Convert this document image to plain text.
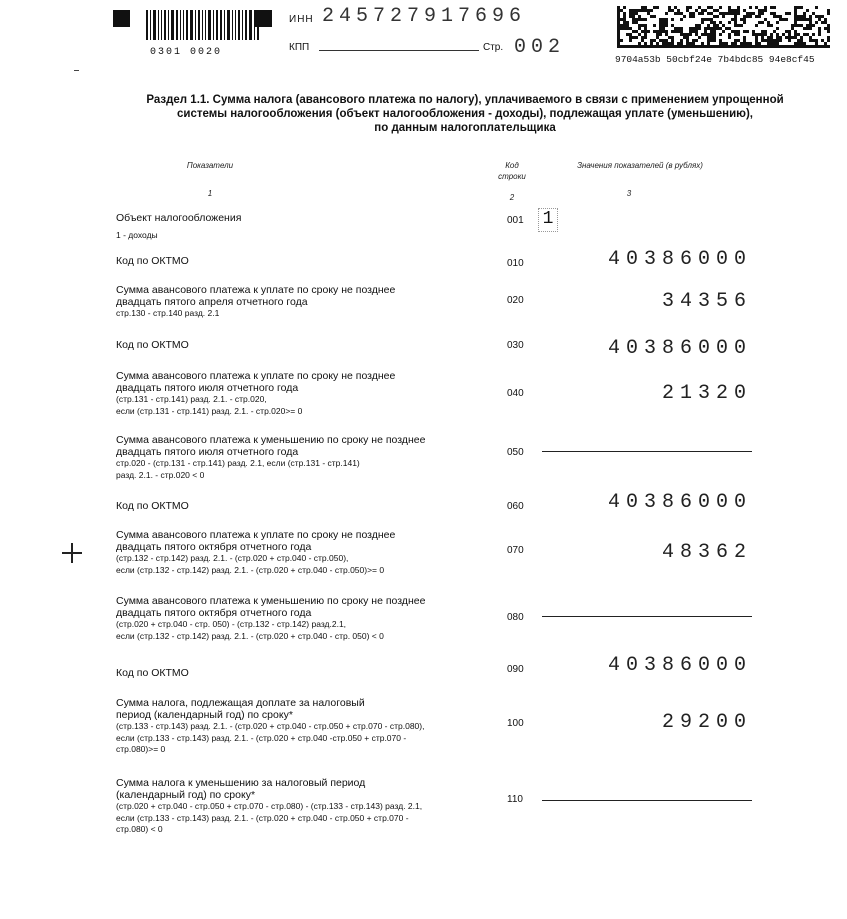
0301 0020
ИНН 245727917696
КПП	Стр. 002
9704a53b 50cbf24e 7b4bdc85 94e8cf45
Раздел 1.1. Сумма налога (авансового платежа по налогу), уплачиваемого в связи с применением упрощенной
системы налогообложения (объект налогообложения - доходы), подлежащая уплате (уменьшению),
по данным налогоплательщика
Показатели	Код
строки
Значения показателей (в рублях)
1	2	3
Объект налогообложения
1 - доходы
001 1
Код по ОКТМО	010	40386000
Сумма авансового платежа к уплате по сроку не позднее
двадцать пятого апреля отчетного года
стр.130 - стр.140 разд. 2.1
020	34356
Код по ОКТМО	030	40386000
Сумма авансового платежа к уплате по сроку не позднее
двадцать пятого июля отчетного года
(стр.131 - стр.141) разд. 2.1. - стр.020,
если (стр.131 - стр.141) разд. 2.1. - стр.020>= 0
040	21320
Сумма авансового платежа к уменьшению по сроку не позднее
двадцать пятого июля отчетного года
стр.020 - (стр.131 - стр.141) разд. 2.1, если (стр.131 - стр.141)
разд. 2.1. - стр.020 < 0
050
Код по ОКТМО	060	40386000
Сумма авансового платежа к уплате по сроку не позднее
двадцать пятого октября отчетного года
(стр.132 - стр.142) разд. 2.1. - (стр.020 + стр.040 - стр.050),
если (стр.132 - стр.142) разд. 2.1. - (стр.020 + стр.040 - стр.050)>= 0
070	48362
Сумма авансового платежа к уменьшению по сроку не позднее
двадцать пятого октября отчетного года
(стр.020 + стр.040 - стр. 050) - (стр.132 - стр.142) разд.2.1,
если (стр.132 - стр.142) разд. 2.1. - (стр.020 + стр.040 - стр. 050) < 0
080
Код по ОКТМО	090	40386000
Сумма налога, подлежащая доплате за налоговый
период (календарный год) по сроку*
(стр.133 - стр.143) разд. 2.1. - (стр.020 + стр.040 - стр.050 + стр.070 - стр.080),
если (стр.133 - стр.143) разд. 2.1. - (стр.020 + стр.040 -стр.050 + стр.070 -
стр.080)>= 0
100	29200
Сумма налога к уменьшению за налоговый период
(календарный год) по сроку*
(стр.020 + стр.040 - стр.050 + стр.070 - стр.080) - (стр.133 - стр.143) разд. 2.1,
если (стр.133 - стр.143) разд. 2.1. - (стр.020 + стр.040 - стр.050 + стр.070 -
стр.080) < 0
110
